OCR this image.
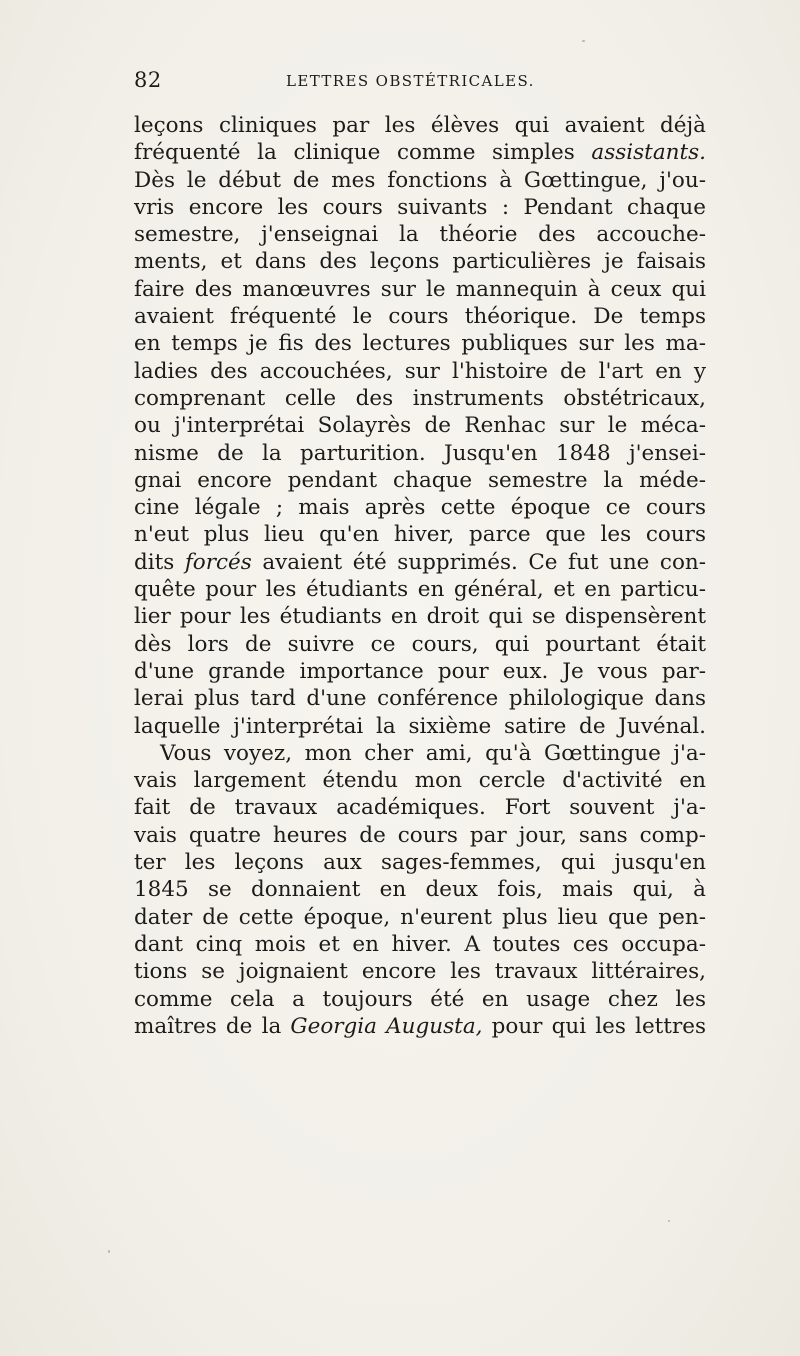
82	LETTRES OBSTÉTRICALES.
leçons cliniques par les élèves qui avaient déjà
fréquenté la clinique comme simples assistants.
Dès le début de mes fonctions à Gœttingue, j'ou-
vris encore les cours suivants : Pendant chaque
semestre, j'enseignai la théorie des accouche-
ments, et dans des leçons particulières je faisais
faire des manœuvres sur le mannequin à ceux qui
avaient fréquenté le cours théorique. De temps
en temps je fis des lectures publiques sur les ma-
ladies des accouchées, sur l'histoire de l'art en y
comprenant celle des instruments obstétricaux,
ou j'interprétai Solayrès de Renhac sur le méca-
nisme de la parturition. Jusqu'en 1848 j'ensei-
gnai encore pendant chaque semestre la méde-
cine légale ; mais après cette époque ce cours
n'eut plus lieu qu'en hiver, parce que les cours
dits forcés avaient été supprimés. Ce fut une con-
quête pour les étudiants en général, et en particu-
lier pour les étudiants en droit qui se dispensèrent
dès lors de suivre ce cours, qui pourtant était
d'une grande importance pour eux. Je vous par-
lerai plus tard d'une conférence philologique dans
laquelle j'interprétai la sixième satire de Juvénal.
Vous voyez, mon cher ami, qu'à Gœttingue j'a-
vais largement étendu mon cercle d'activité en
fait de travaux académiques. Fort souvent j'a-
vais quatre heures de cours par jour, sans comp-
ter les leçons aux sages-femmes, qui jusqu'en
1845 se donnaient en deux fois, mais qui, à
dater de cette époque, n'eurent plus lieu que pen-
dant cinq mois et en hiver. A toutes ces occupa-
tions se joignaient encore les travaux littéraires,
comme cela a toujours été en usage chez les
maîtres de la Georgia Augusta, pour qui les lettres
